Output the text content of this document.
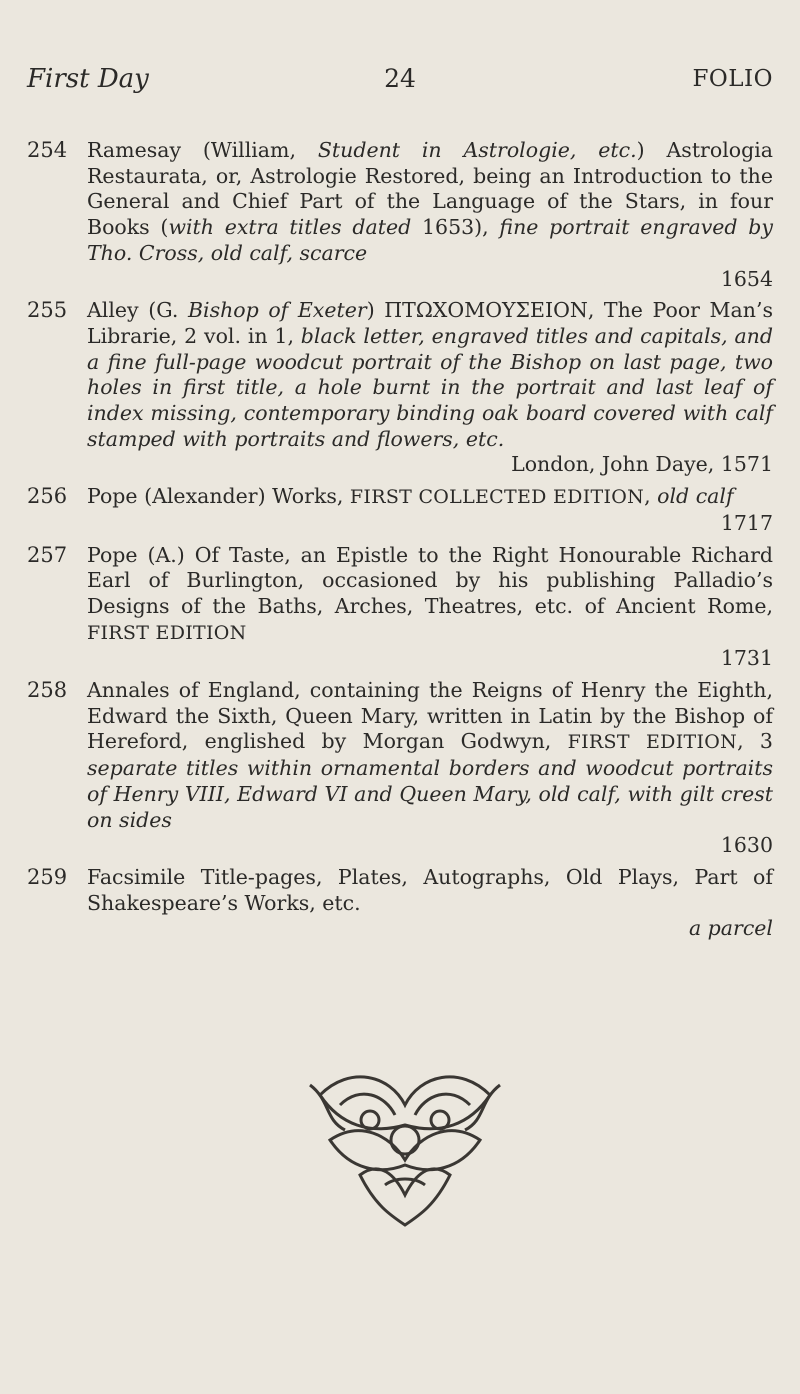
First Day	24	FOLIO
254 Ramesay (William, Student in Astrologie, etc.) Astrologia Restaurata, or, Astrologie Restored, being an Introduction to the General and Chief Part of the Language of the Stars, in four Books (with extra titles dated 1653), fine portrait engraved by Tho. Cross, old calf, scarce
1654
255 Alley (G. Bishop of Exeter) ΠΤΩΧΟΜΟΥΣΕΙΟΝ, The Poor Man’s Librarie, 2 vol. in 1, black letter, engraved titles and capitals, and a fine full-page woodcut portrait of the Bishop on last page, two holes in first title, a hole burnt in the portrait and last leaf of index missing, contemporary binding oak board covered with calf stamped with portraits and flowers, etc.
London, John Daye, 1571
256 Pope (Alexander) Works, FIRST COLLECTED EDITION, old calf
1717
257 Pope (A.) Of Taste, an Epistle to the Right Honourable Richard Earl of Burlington, occasioned by his publishing Palladio’s Designs of the Baths, Arches, Theatres, etc. of Ancient Rome, FIRST EDITION
1731
258 Annales of England, containing the Reigns of Henry the Eighth, Edward the Sixth, Queen Mary, written in Latin by the Bishop of Hereford, englished by Morgan Godwyn, FIRST EDITION, 3 separate titles within ornamental borders and woodcut portraits of Henry VIII, Edward VI and Queen Mary, old calf, with gilt crest on sides
1630
259 Facsimile Title-pages, Plates, Autographs, Old Plays, Part of Shakespeare’s Works, etc.
a parcel
